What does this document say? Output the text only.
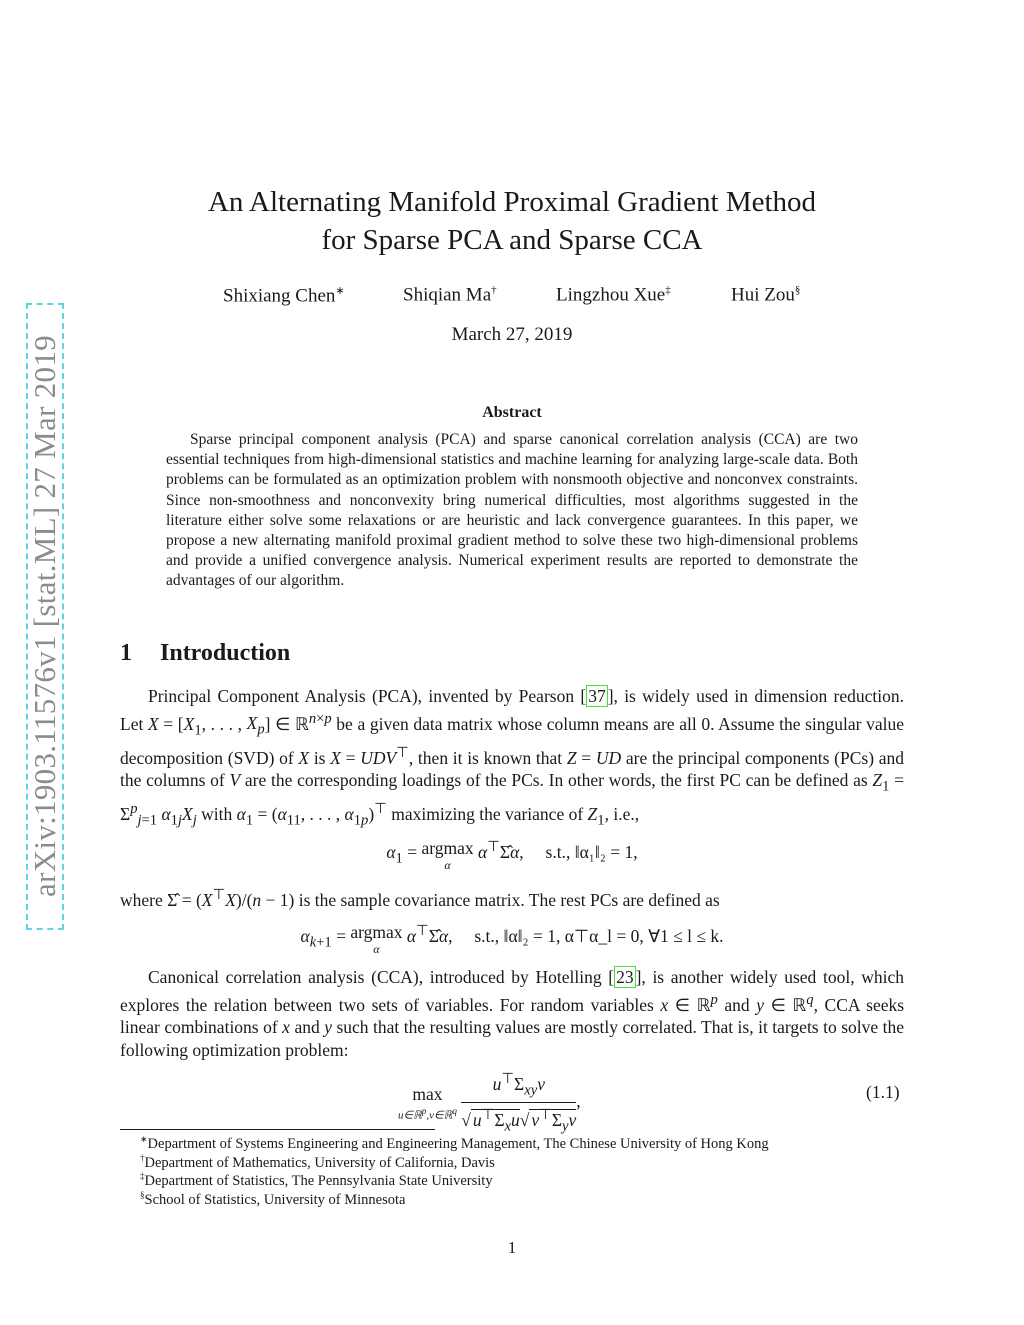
arXiv:1903.11576v1 [stat.ML] 27 Mar 2019
An Alternating Manifold Proximal Gradient Method
for Sparse PCA and Sparse CCA
Shixiang Chen∗	Shiqian Ma†	Lingzhou Xue‡	Hui Zou§
March 27, 2019
Abstract

Sparse principal component analysis (PCA) and sparse canonical correlation analysis (CCA) are two essential techniques from high-dimensional statistics and machine learning for analyzing large-scale data. Both problems can be formulated as an optimization problem with nonsmooth objective and nonconvex constraints. Since non-smoothness and nonconvexity bring numerical difficulties, most algorithms suggested in the literature either solve some relaxations or are heuristic and lack convergence guarantees. In this paper, we propose a new alternating manifold proximal gradient method to solve these two high-dimensional problems and provide a unified convergence analysis. Numerical experiment results are reported to demonstrate the advantages of our algorithm.

1 Introduction

Principal Component Analysis (PCA), invented by Pearson [ 37 ], is widely used in dimension reduction. Let $X = [X_1$, . . . , $X_p$] ∈ ℝ$^{n\times p}$ be a given data matrix whose column means are all 0. Assume the singular value decomposition (SVD) of X is X = UDV⊤, then it is known that Z = UD are the principal components (PCs) and the columns of V are the corresponding loadings of the PCs. In other words, the first PC can be defined as $Z_1 = \Sigma^p_{j=1}$ $\alpha_{1j}X_j$ with $\alpha_1 = (\alpha_{11}$, . . . , $\alpha_{1p})^⊤$ maximizing the variance of $Z_1$, i.e.,

$\alpha_1 = argmax$
α
α⊤Σ̂α,     s.t., ‖α₁‖₂ = 1,

where Σ̂ = (X⊤X)/(n − 1) is the sample covariance matrix. The rest PCs are defined as

$\alpha_{k+1} = argmax$
α
α⊤Σ̂α,     s.t., ‖α‖₂ = 1, α⊤α_l = 0, ∀1 ≤ l ≤ k.

Canonical correlation analysis (CCA), introduced by Hotelling [ 23 ], is another widely used tool, which explores the relation between two sets of variables. For random variables x ∈ ℝ$^p$ and y ∈ ℝ$^q$, CCA seeks linear combinations of x and y such that the resulting values are mostly correlated. That is, it targets to solve the following optimization problem:

max
u∈ℝ$^p$,v∈ℝ$^q$
$\frac{u^⊤\Sigma_{xy}v}{√ u^⊤\Sigma_xu√ v^⊤\Sigma_yv}$ ,	(1.1)
∗Department of Systems Engineering and Engineering Management, The Chinese University of Hong Kong
†Department of Mathematics, University of California, Davis
‡Department of Statistics, The Pennsylvania State University
§School of Statistics, University of Minnesota
1
